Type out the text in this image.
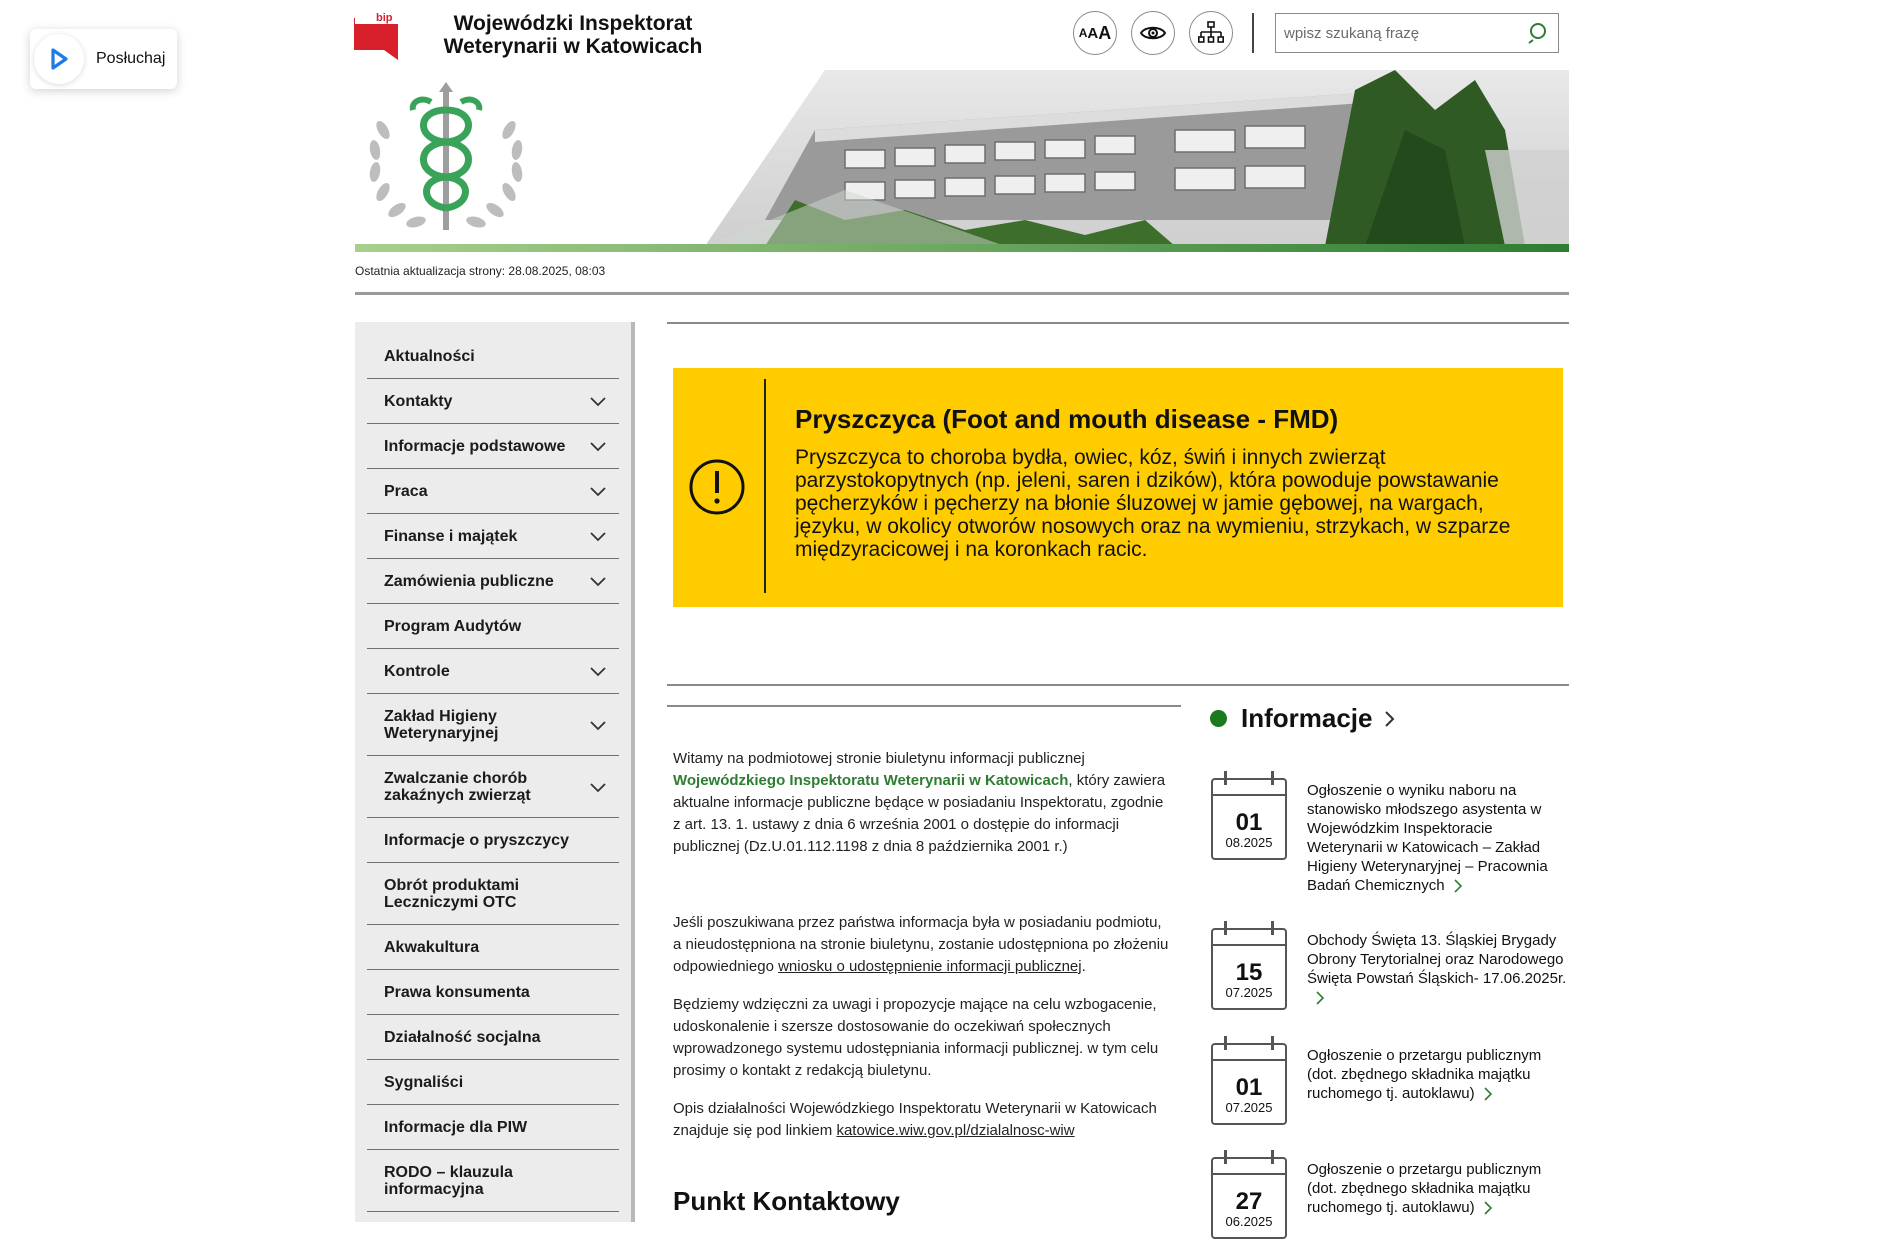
Posłuchaj
bip	Wojewódzki Inspektorat
Weterynarii w Katowicach
A A A
wpisz szukaną frazę
Ostatnia aktualizacja strony: 28.08.2025, 08:03
Aktualności
Kontakty
Informacje podstawowe
Praca
Finanse i majątek
Zamówienia publiczne
Program Audytów
Kontrole
Zakład Higieny Weterynaryjnej
Zwalczanie chorób zakaźnych zwierząt
Informacje o pryszczycy
Obrót produktami Leczniczymi OTC
Akwakultura
Prawa konsumenta
Działalność socjalna
Sygnaliści
Informacje dla PIW
RODO – klauzula informacyjna
Pryszczyca (Foot and mouth disease - FMD)
Pryszczyca to choroba bydła, owiec, kóz, świń i innych zwierząt parzystokopytnych (np. jeleni, saren i dzików), która powoduje powstawanie pęcherzyków i pęcherzy na błonie śluzowej w jamie gębowej, na wargach, języku, w okolicy otworów nosowych oraz na wymieniu, strzykach, w szparze międzyracicowej i na koronkach racic.

Witamy na podmiotowej stronie biuletynu informacji publicznej
Wojewódzkiego Inspektoratu Weterynarii w Katowicach, który zawiera aktualne informacje publiczne będące w posiadaniu Inspektoratu, zgodnie z art. 13. 1. ustawy z dnia 6 września 2001 o dostępie do informacji publicznej (Dz.U.01.112.1198 z dnia 8 października 2001 r.)

Jeśli poszukiwana przez państwa informacja była w posiadaniu podmiotu, a nieudostępniona na stronie biuletynu, zostanie udostępniona po złożeniu odpowiedniego wniosku o udostępnienie informacji publicznej.

Będziemy wdzięczni za uwagi i propozycje mające na celu wzbogacenie, udoskonalenie i szersze dostosowanie do oczekiwań społecznych wprowadzonego systemu udostępniania informacji publicznej. w tym celu prosimy o kontakt z redakcją biuletynu.

Opis działalności Wojewódzkiego Inspektoratu Weterynarii w Katowicach znajduje się pod linkiem katowice.wiw.gov.pl/dzialalnosc-wiw

Punkt Kontaktowy
Informacje
01
08.2025
Ogłoszenie o wyniku naboru na stanowisko młodszego asystenta w Wojewódzkim Inspektoracie Weterynarii w Katowicach – Zakład Higieny Weterynaryjnej – Pracownia Badań Chemicznych
15
07.2025
Obchody Święta 13. Śląskiej Brygady Obrony Terytorialnej oraz Narodowego Święta Powstań Śląskich- 17.06.2025r.
01
07.2025
Ogłoszenie o przetargu publicznym (dot. zbędnego składnika majątku ruchomego tj. autoklawu)
27
06.2025
Ogłoszenie o przetargu publicznym (dot. zbędnego składnika majątku ruchomego tj. autoklawu)
